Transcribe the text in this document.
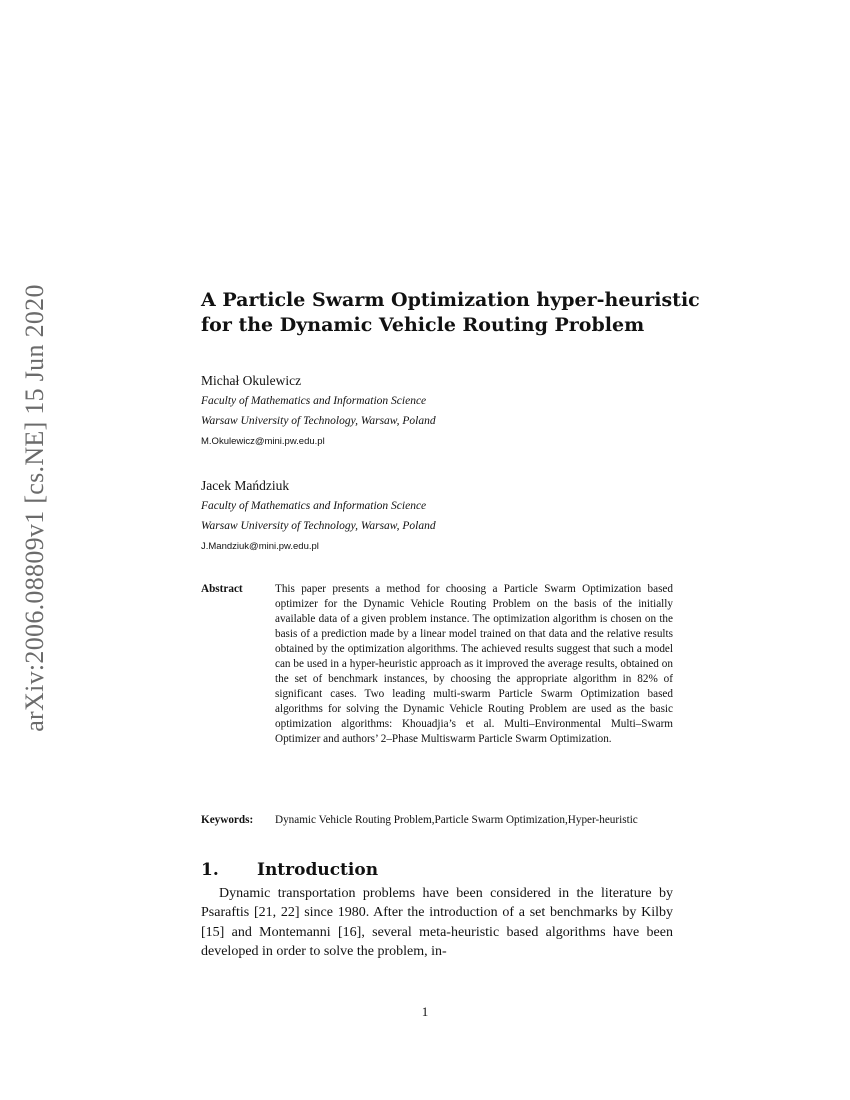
arXiv:2006.08809v1 [cs.NE] 15 Jun 2020	A Particle Swarm Optimization hyper-heuristic for the Dynamic Vehicle Routing Problem
Michał Okulewicz
Faculty of Mathematics and Information Science
Warsaw University of Technology, Warsaw, Poland
M.Okulewicz@mini.pw.edu.pl
Jacek Mańdziuk
Faculty of Mathematics and Information Science
Warsaw University of Technology, Warsaw, Poland
J.Mandziuk@mini.pw.edu.pl
Abstract	This paper presents a method for choosing a Particle Swarm Optimization based optimizer for the Dynamic Vehicle Routing Problem on the basis of the initially available data of a given problem instance. The optimization algorithm is chosen on the basis of a prediction made by a linear model trained on that data and the relative results obtained by the optimization algorithms. The achieved results suggest that such a model can be used in a hyper-heuristic approach as it improved the average results, obtained on the set of benchmark instances, by choosing the appropriate algorithm in 82% of significant cases. Two leading multi-swarm Particle Swarm Optimization based algorithms for solving the Dynamic Vehicle Routing Problem are used as the basic optimization algorithms: Khouadjia’s et al. Multi–Environmental Multi–Swarm Optimizer and authors’ 2–Phase Multiswarm Particle Swarm Optimization.
Keywords: Dynamic Vehicle Routing Problem,Particle Swarm Optimization,Hyper-heuristic
1. Introduction

Dynamic transportation problems have been considered in the literature by Psaraftis [21, 22] since 1980. After the introduction of a set benchmarks by Kilby [15] and Montemanni [16], several meta-heuristic based algorithms have been developed in order to solve the problem, in-

1
